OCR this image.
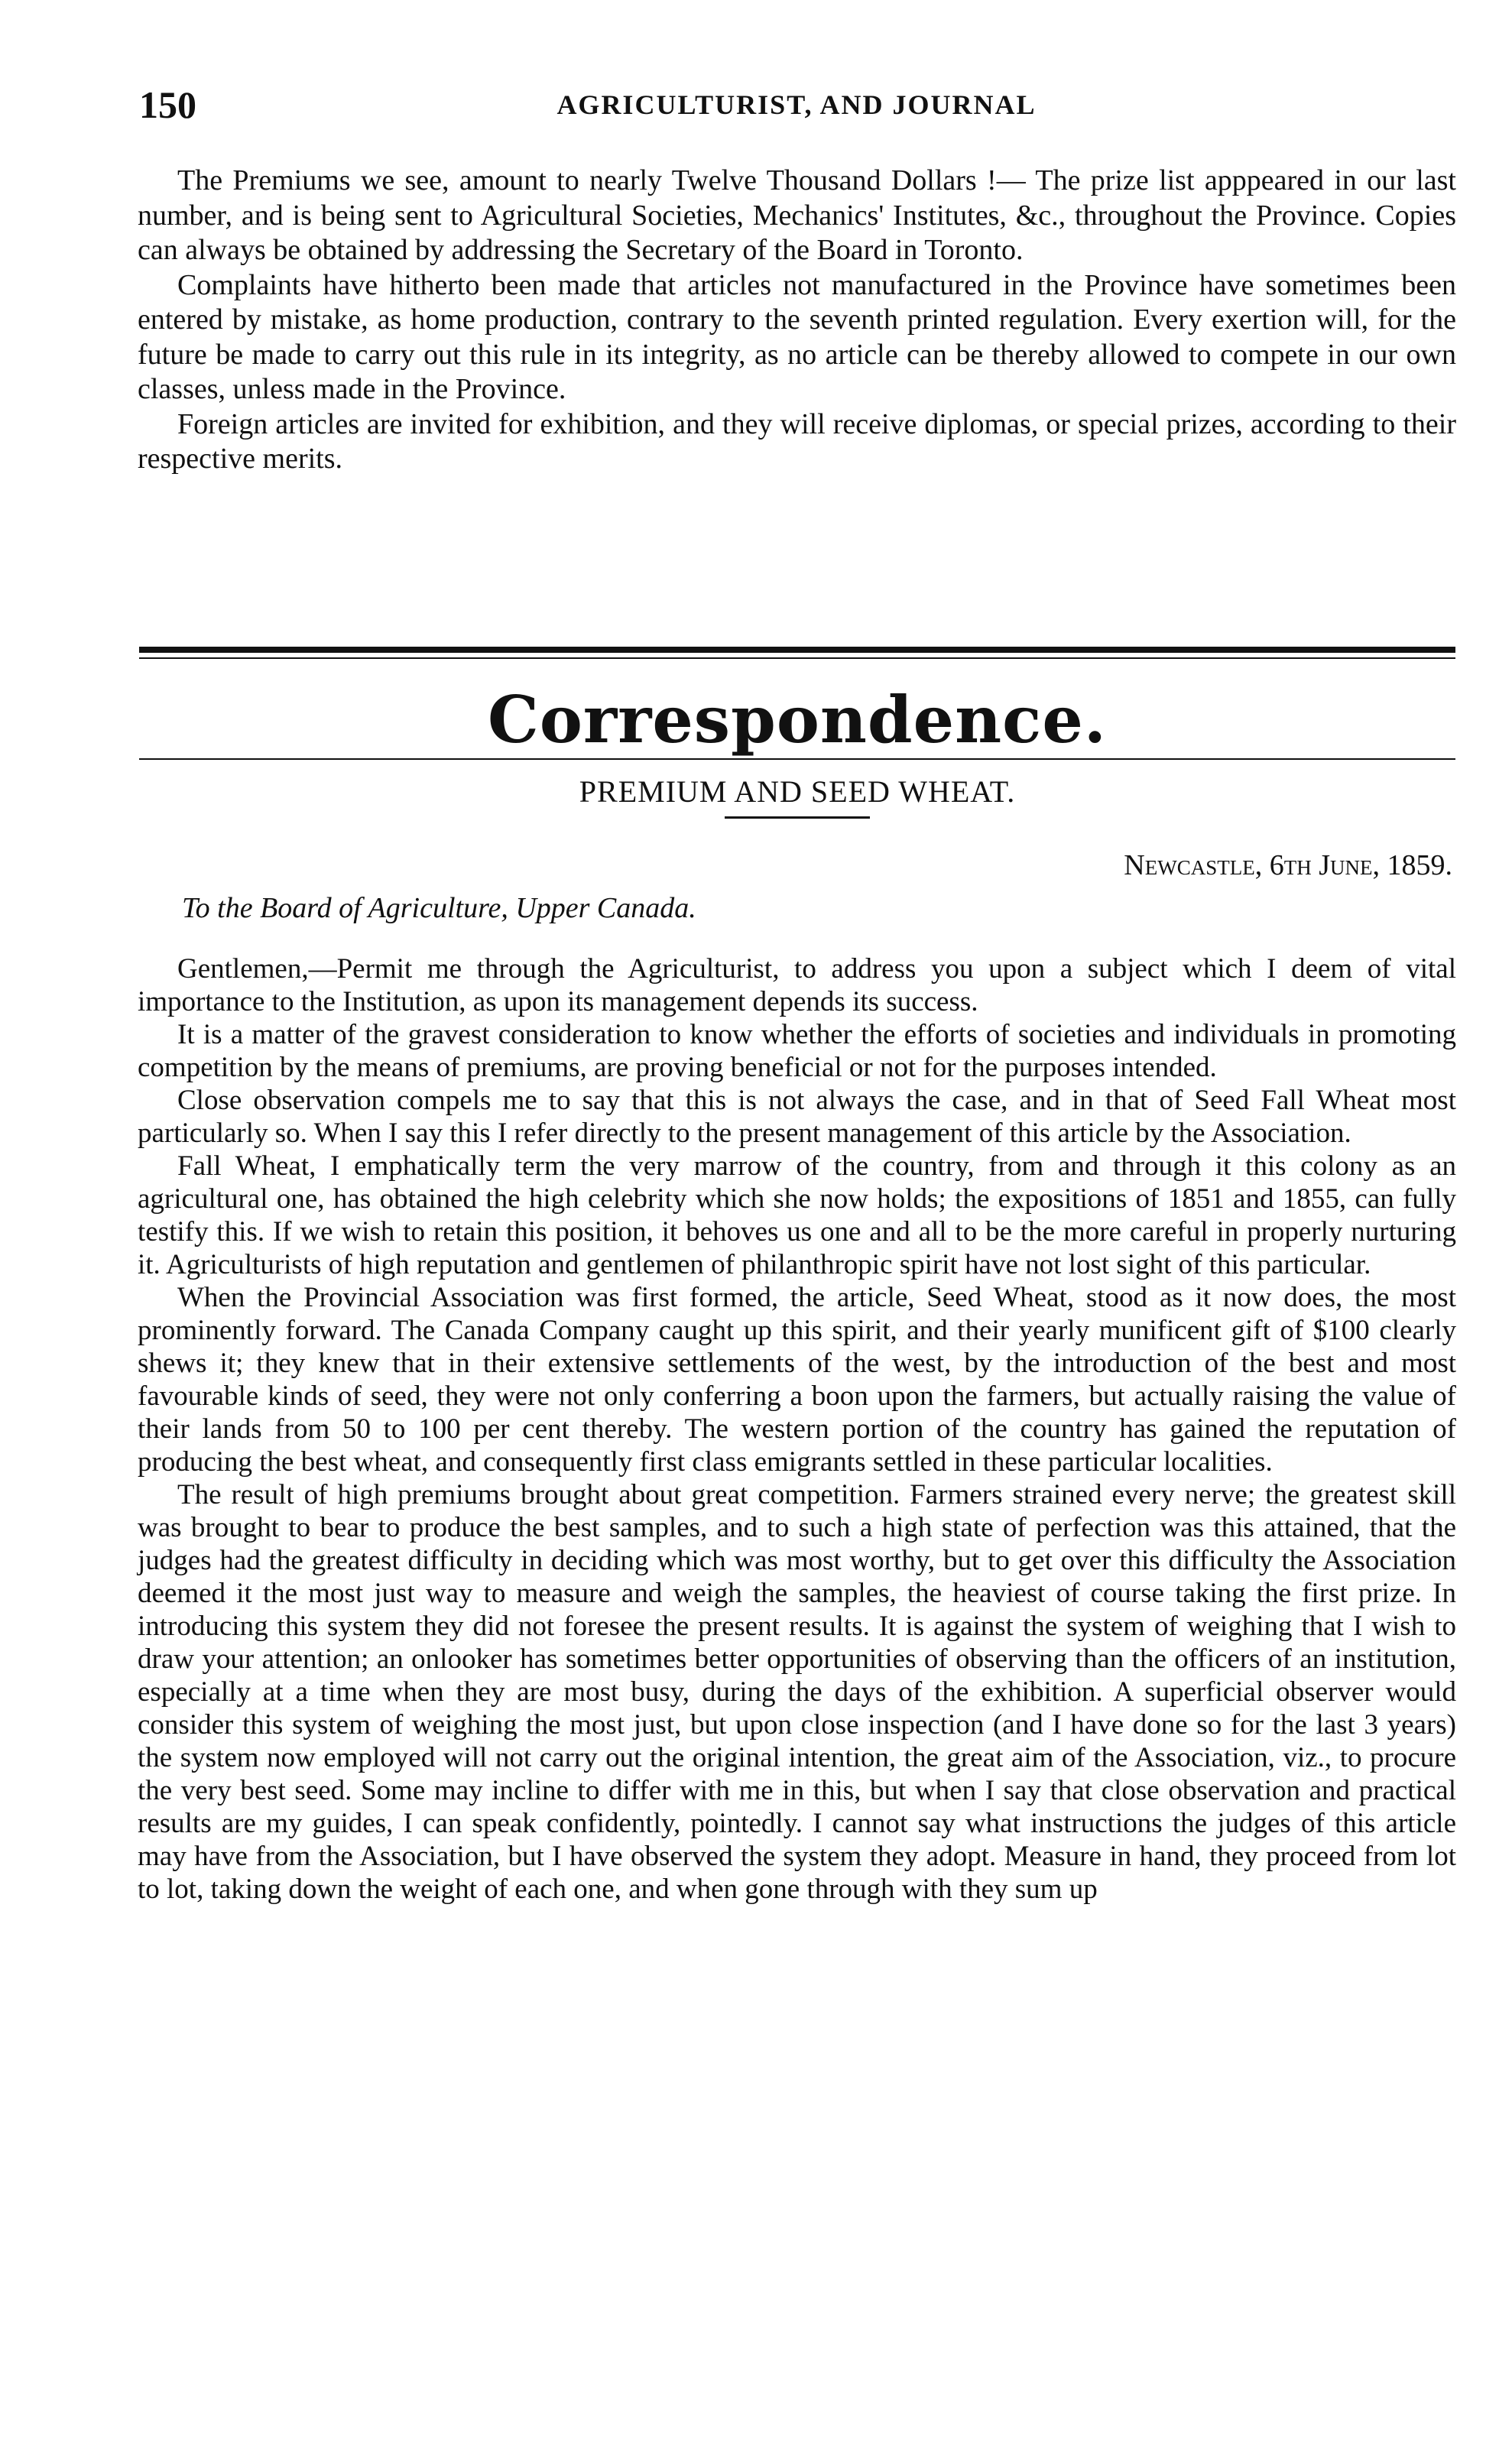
150	AGRICULTURIST, AND JOURNAL

The Premiums we see, amount to nearly Twelve Thousand Dollars !— The prize list apppeared in our last number, and is being sent to Agricultural Societies, Mechanics' Institutes, &c., throughout the Province. Copies can always be obtained by addressing the Secretary of the Board in Toronto.

Complaints have hitherto been made that articles not manufactured in the Province have sometimes been entered by mistake, as home production, contrary to the seventh printed regulation. Every exertion will, for the future be made to carry out this rule in its integrity, as no article can be thereby allowed to compete in our own classes, unless made in the Province.

Foreign articles are invited for exhibition, and they will receive diplomas, or special prizes, according to their respective merits.

Correspondence.
PREMIUM AND SEED WHEAT.
Newcastle, 6th June, 1859.
To the Board of Agriculture, Upper Canada.

Gentlemen,—Permit me through the Agriculturist, to address you upon a subject which I deem of vital importance to the Institution, as upon its management depends its success.

It is a matter of the gravest consideration to know whether the efforts of societies and individuals in promoting competition by the means of premiums, are proving beneficial or not for the purposes intended.

Close observation compels me to say that this is not always the case, and in that of Seed Fall Wheat most particularly so. When I say this I refer directly to the present management of this article by the Association.

Fall Wheat, I emphatically term the very marrow of the country, from and through it this colony as an agricultural one, has obtained the high celebrity which she now holds; the expositions of 1851 and 1855, can fully testify this. If we wish to retain this position, it behoves us one and all to be the more careful in properly nurturing it. Agriculturists of high reputation and gentlemen of philanthropic spirit have not lost sight of this particular.

When the Provincial Association was first formed, the article, Seed Wheat, stood as it now does, the most prominently forward. The Canada Company caught up this spirit, and their yearly munificent gift of $100 clearly shews it; they knew that in their extensive settlements of the west, by the introduction of the best and most favourable kinds of seed, they were not only conferring a boon upon the farmers, but actually raising the value of their lands from 50 to 100 per cent thereby. The western portion of the country has gained the reputation of producing the best wheat, and consequently first class emigrants settled in these particular localities.

The result of high premiums brought about great competition. Farmers strained every nerve; the greatest skill was brought to bear to produce the best samples, and to such a high state of perfection was this attained, that the judges had the greatest difficulty in deciding which was most worthy, but to get over this difficulty the Association deemed it the most just way to measure and weigh the samples, the heaviest of course taking the first prize. In introducing this system they did not foresee the present results. It is against the system of weighing that I wish to draw your attention; an onlooker has sometimes better opportunities of observing than the officers of an institution, especially at a time when they are most busy, during the days of the exhibition. A superficial observer would consider this system of weighing the most just, but upon close inspection (and I have done so for the last 3 years) the system now employed will not carry out the original intention, the great aim of the Association, viz., to procure the very best seed. Some may incline to differ with me in this, but when I say that close observation and practical results are my guides, I can speak confidently, pointedly. I cannot say what instructions the judges of this article may have from the Association, but I have observed the system they adopt. Measure in hand, they proceed from lot to lot, taking down the weight of each one, and when gone through with they sum up
